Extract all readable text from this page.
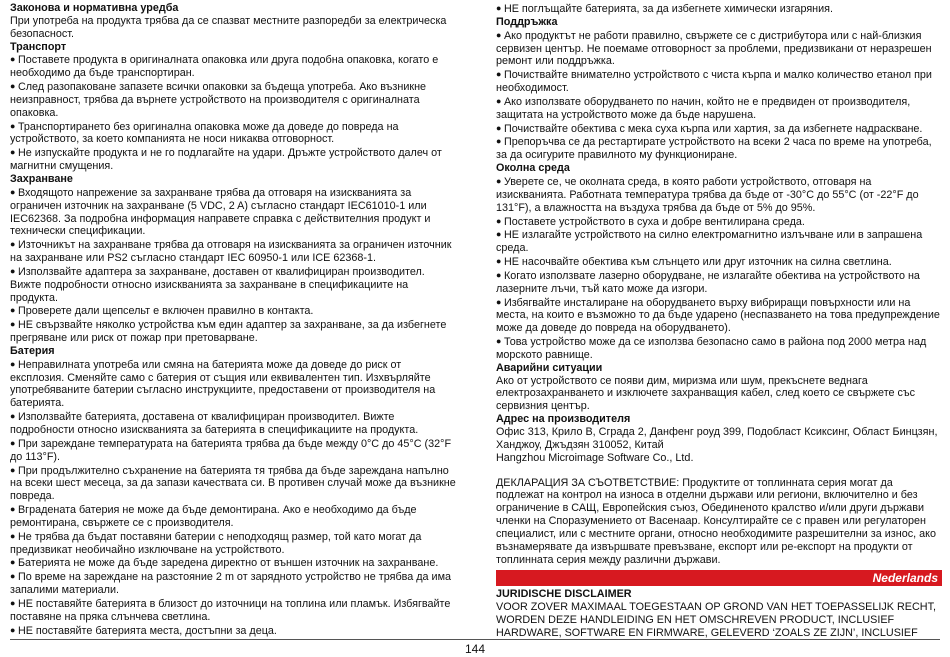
Законова и нормативна уредба
При употреба на продукта трябва да се спазват местните разпоредби за електрическа безопасност.
Транспорт
● Поставете продукта в оригиналната опаковка или друга подобна опаковка, когато е необходимо да бъде транспортиран.
● След разопаковане запазете всички опаковки за бъдеща употреба. Ако възникне неизправност, трябва да върнете устройството на производителя с оригиналната опаковка.
● Транспортирането без оригинална опаковка може да доведе до повреда на устройството, за което компанията не носи никаква отговорност.
● Не изпускайте продукта и не го подлагайте на удари. Дръжте устройството далеч от магнитни смущения.
Захранване
● Входящото напрежение за захранване трябва да отговаря на изискванията за ограничен източник на захранване (5 VDC, 2 A) съгласно стандарт IEC61010-1 или IEC62368. За подробна информация направете справка с действителния продукт и технически спецификации.
● Източникът на захранване трябва да отговаря на изискванията за ограничен източник на захранване или PS2 съгласно стандарт IEC 60950-1 или ICE 62368-1.
● Използвайте адаптера за захранване, доставен от квалифициран производител. Вижте подробности относно изискванията за захранване в спецификациите на продукта.
● Проверете дали щепсельт е включен правилно в контакта.
● НЕ свързвайте няколко устройства към един адаптер за захранване, за да избегнете прегряване или риск от пожар при претоварване.
Батерия
● Неправилната употреба или смяна на батерията може да доведе до риск от експлозия. Сменяйте само с батерия от същия или еквивалентен тип. Изхвърляйте употребяваните батерии съгласно инструкциите, предоставени от производителя на батерията.
● Използвайте батерията, доставена от квалифициран производител. Вижте подробности относно изискванията за батерията в спецификациите на продукта.
● При зареждане температурата на батерията трябва да бъде между 0°C до 45°C (32°F до 113°F).
● При продължително съхранение на батерията тя трябва да бъде зареждана напълно на всеки шест месеца, за да запази качествата си. В противен случай може да възникне повреда.
● Вградената батерия не може да бъде демонтирана. Ако е необходимо да бъде ремонтирана, свържете се с производителя.
● Не трябва да бъдат поставяни батерии с неподходящ размер, той като могат да предизвикат необичайно изключване на устройството.
● Батерията не може да бъде заредена директно от външен източник на захранване.
● По време на зареждане на разстояние 2 m от зарядното устройство не трябва да има запалими материали.
● НЕ поставяйте батерията в близост до източници на топлина или пламък. Избягвайте поставяне на пряка слънчева светлина.
● НЕ поставяйте батерията места, достъпни за деца.
● НЕ поглъщайте батерията, за да избегнете химически изгаряния.
Поддръжка
● Ако продуктът не работи правилно, свържете се с дистрибутора или с най-близкия сервизен център. Не поемаме отговорност за проблеми, предизвикани от неразрешен ремонт или поддръжка.
● Почиствайте внимателно устройството с чиста кърпа и малко количество етанол при необходимост.
● Ако използвате оборудването по начин, който не е предвиден от производителя, защитата на устройството може да бъде нарушена.
● Почиствайте обектива с мека суха кърпа или хартия, за да избегнете надраскване.
● Препоръчва се да рестартирате устройството на всеки 2 часа по време на употреба, за да осигурите правилното му функциониране.
Околна среда
● Уверете се, че околната среда, в която работи устройството, отговаря на изискванията. Работната температура трябва да бъде от -30°C до 55°C (от -22°F до 131°F), а влажността на въздуха трябва да бъде от 5% до 95%.
● Поставете устройството в суха и добре вентилирана среда.
● НЕ излагайте устройството на силно електромагнитно излъчване или в запрашена среда.
● НЕ насочвайте обектива към слънцето или друг източник на силна светлина.
● Когато използвате лазерно оборудване, не излагайте обектива на устройството на лазерните лъчи, тъй като може да изгори.
● Избягвайте инсталиране на оборудването върху вибриращи повърхности или на места, на които е възможно то да бъде ударено (неспазването на това предупреждение може да доведе до повреда на оборудването).
● Това устройство може да се използва безопасно само в района под 2000 метра над морското равнище.
Аварийни ситуации
Ако от устройството се появи дим, миризма или шум, прекъснете веднага електрозахранването и изключете захранващия кабел, след което се свържете със сервизния център.
Адрес на производителя
Офис 313, Крило В, Сграда 2, Данфенг роуд 399, Подобласт Ксиксинг, Област Бинцзян, Ханджоу, Джъдзян 310052, Китай
Hangzhou Microimage Software Co., Ltd.
ДЕКЛАРАЦИЯ ЗА СЪОТВЕТСТВИЕ: Продуктите от топлинната серия могат да подлежат на контрол на износа в отделни държави или региони, включително и без ограничение в САЩ, Европейския съюз, Обединеното кралство и/или други държави членки на Споразумението от Васенаар. Консултирайте се с правен или регулаторен специалист, или с местните органи, относно необходимите разрешителни за износ, ако възнамерявате да извършвате превъзване, експорт или ре-експорт на продукти от топлинната серия между различни държави.
Nederlands
JURIDISCHE DISCLAIMER
VOOR ZOVER MAXIMAAL TOEGESTAAN OP GROND VAN HET TOEPASSELIJK RECHT, WORDEN DEZE HANDLEIDING EN HET OMSCHREVEN PRODUCT, INCLUSIEF HARDWARE, SOFTWARE EN FIRMWARE, GELEVERD ‘ZOALS ZE ZIJN’, INCLUSIEF
144
